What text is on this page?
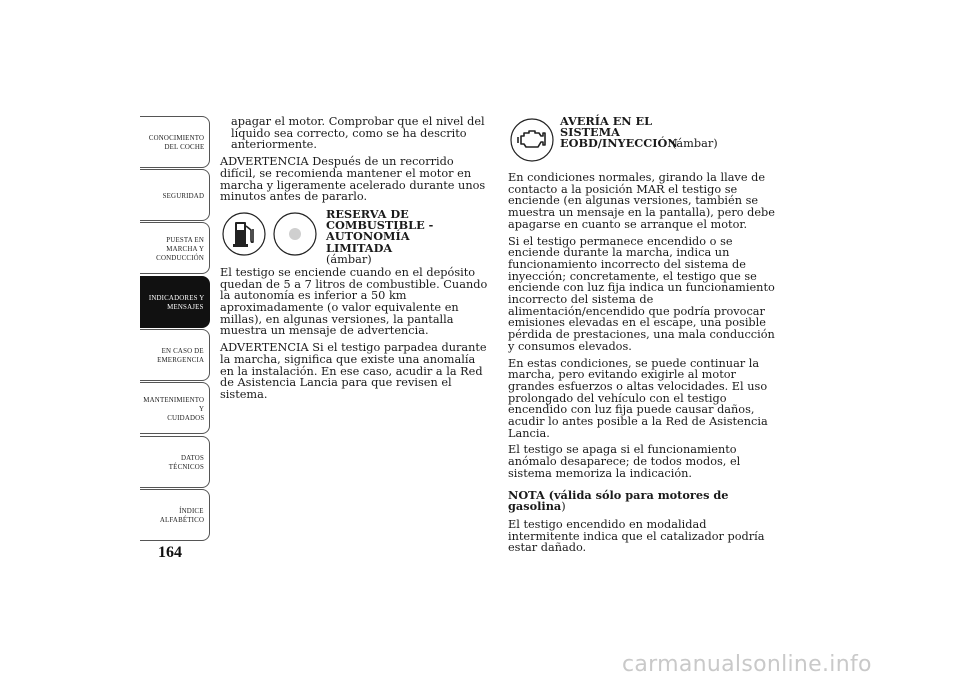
CONOCIMIENTO
DEL COCHE
SEGURIDAD
PUESTA EN
MARCHA Y
CONDUCCIÓN
INDICADORES Y
MENSAJES
EN CASO DE
EMERGENCIA
MANTENIMIENTO Y
CUIDADOS
DATOS TÉCNICOS
ÍNDICE
ALFABÉTICO
164

apagar el motor. Comprobar que el nivel del líquido sea correcto, como se ha descrito anteriormente.

ADVERTENCIA Después de un recorrido difícil, se recomienda mantener el motor en marcha y ligeramente acelerado durante unos minutos antes de pararlo.

RESERVA DE COMBUSTIBLE - AUTONOMÍA LIMITADA
(ámbar)

El testigo se enciende cuando en el depósito quedan de 5 a 7 litros de combustible. Cuando la autonomía es inferior a 50 km aproximadamente (o valor equivalente en millas), en algunas versiones, la pantalla muestra un mensaje de advertencia.

ADVERTENCIA Si el testigo parpadea durante la marcha, significa que existe una anomalía en la instalación. En ese caso, acudir a la Red de Asistencia Lancia para que revisen el sistema.

AVERÍA EN EL SISTEMA EOBD/INYECCIÓN
(ámbar)

En condiciones normales, girando la llave de contacto a la posición MAR el testigo se enciende (en algunas versiones, también se muestra un mensaje en la pantalla), pero debe apagarse en cuanto se arranque el motor.

Si el testigo permanece encendido o se enciende durante la marcha, indica un funcionamiento incorrecto del sistema de inyección; concretamente, el testigo que se enciende con luz fija indica un funcionamiento incorrecto del sistema de alimentación/encendido que podría provocar emisiones elevadas en el escape, una posible pérdida de prestaciones, una mala conducción y consumos elevados.

En estas condiciones, se puede continuar la marcha, pero evitando exigirle al motor grandes esfuerzos o altas velocidades. El uso prolongado del vehículo con el testigo encendido con luz fija puede causar daños, acudir lo antes posible a la Red de Asistencia Lancia.

El testigo se apaga si el funcionamiento anómalo desaparece; de todos modos, el sistema memoriza la indicación.

NOTA (válida sólo para motores de gasolina)

El testigo encendido en modalidad intermitente indica que el catalizador podría estar dañado.

carmanualsonline.info
